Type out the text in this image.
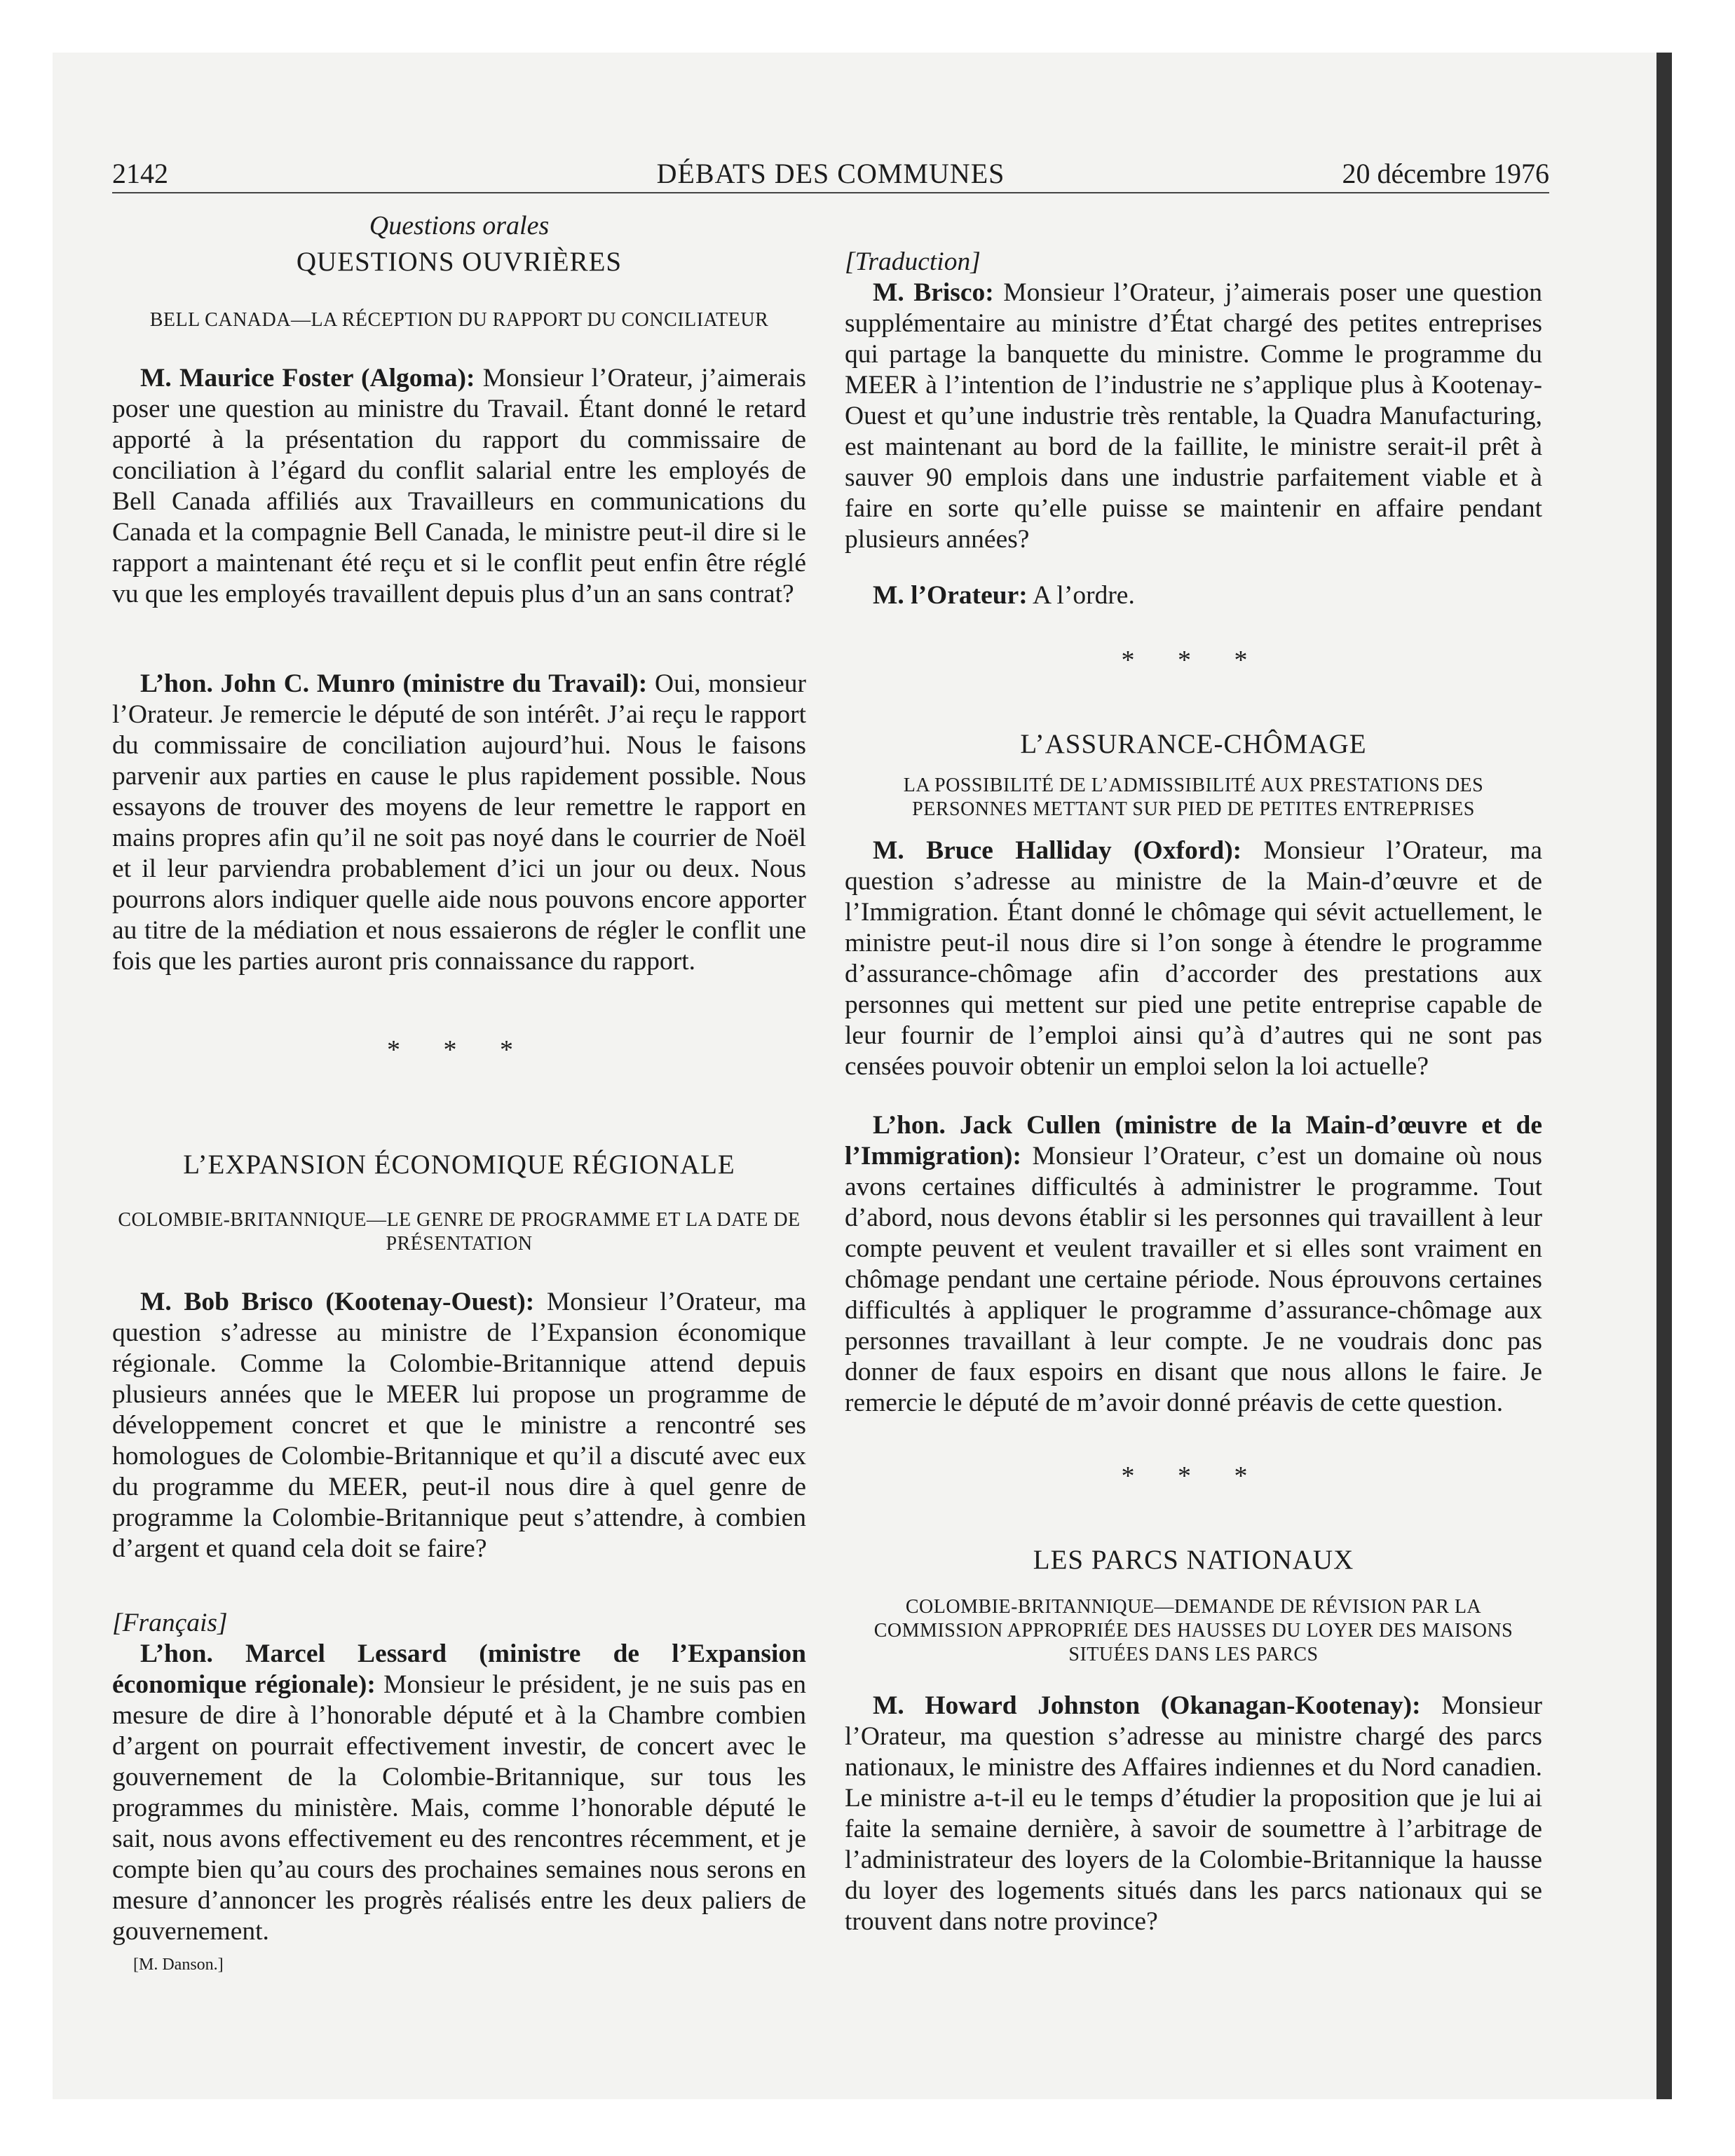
2142	DÉBATS DES COMMUNES	20 décembre 1976
Questions orales
QUESTIONS OUVRIÈRES
BELL CANADA—LA RÉCEPTION DU RAPPORT DU CONCILIATEUR

M. Maurice Foster (Algoma): Monsieur l’Orateur, j’aimerais poser une question au ministre du Travail. Étant donné le retard apporté à la présentation du rapport du commissaire de conciliation à l’égard du conflit salarial entre les employés de Bell Canada affiliés aux Travailleurs en communications du Canada et la compagnie Bell Canada, le ministre peut-il dire si le rapport a maintenant été reçu et si le conflit peut enfin être réglé vu que les employés travaillent depuis plus d’un an sans contrat?

L’hon. John C. Munro (ministre du Travail): Oui, monsieur l’Orateur. Je remercie le député de son intérêt. J’ai reçu le rapport du commissaire de conciliation aujourd’hui. Nous le faisons parvenir aux parties en cause le plus rapidement possible. Nous essayons de trouver des moyens de leur remettre le rapport en mains propres afin qu’il ne soit pas noyé dans le courrier de Noël et il leur parviendra probablement d’ici un jour ou deux. Nous pourrons alors indiquer quelle aide nous pouvons encore apporter au titre de la médiation et nous essaierons de régler le conflit une fois que les parties auront pris connaissance du rapport.

* * *
L’EXPANSION ÉCONOMIQUE RÉGIONALE
COLOMBIE-BRITANNIQUE—LE GENRE DE PROGRAMME ET LA DATE DE PRÉSENTATION

M. Bob Brisco (Kootenay-Ouest): Monsieur l’Orateur, ma question s’adresse au ministre de l’Expansion économique régionale. Comme la Colombie-Britannique attend depuis plusieurs années que le MEER lui propose un programme de développement concret et que le ministre a rencontré ses homologues de Colombie-Britannique et qu’il a discuté avec eux du programme du MEER, peut-il nous dire à quel genre de programme la Colombie-Britannique peut s’attendre, à combien d’argent et quand cela doit se faire?

[Français]

L’hon. Marcel Lessard (ministre de l’Expansion économique régionale): Monsieur le président, je ne suis pas en mesure de dire à l’honorable député et à la Chambre combien d’argent on pourrait effectivement investir, de concert avec le gouvernement de la Colombie-Britannique, sur tous les programmes du ministère. Mais, comme l’honorable député le sait, nous avons effectivement eu des rencontres récemment, et je compte bien qu’au cours des prochaines semaines nous serons en mesure d’annoncer les progrès réalisés entre les deux paliers de gouvernement.

[M. Danson.]

[Traduction]

M. Brisco: Monsieur l’Orateur, j’aimerais poser une question supplémentaire au ministre d’État chargé des petites entreprises qui partage la banquette du ministre. Comme le programme du MEER à l’intention de l’industrie ne s’applique plus à Kootenay-Ouest et qu’une industrie très rentable, la Quadra Manufacturing, est maintenant au bord de la faillite, le ministre serait-il prêt à sauver 90 emplois dans une industrie parfaitement viable et à faire en sorte qu’elle puisse se maintenir en affaire pendant plusieurs années?

M. l’Orateur: A l’ordre.

* * *
L’ASSURANCE-CHÔMAGE
LA POSSIBILITÉ DE L’ADMISSIBILITÉ AUX PRESTATIONS DES PERSONNES METTANT SUR PIED DE PETITES ENTREPRISES

M. Bruce Halliday (Oxford): Monsieur l’Orateur, ma question s’adresse au ministre de la Main-d’œuvre et de l’Immigration. Étant donné le chômage qui sévit actuellement, le ministre peut-il nous dire si l’on songe à étendre le programme d’assurance-chômage afin d’accorder des prestations aux personnes qui mettent sur pied une petite entreprise capable de leur fournir de l’emploi ainsi qu’à d’autres qui ne sont pas censées pouvoir obtenir un emploi selon la loi actuelle?

L’hon. Jack Cullen (ministre de la Main-d’œuvre et de l’Immigration): Monsieur l’Orateur, c’est un domaine où nous avons certaines difficultés à administrer le programme. Tout d’abord, nous devons établir si les personnes qui travaillent à leur compte peuvent et veulent travailler et si elles sont vraiment en chômage pendant une certaine période. Nous éprouvons certaines difficultés à appliquer le programme d’assurance-chômage aux personnes travaillant à leur compte. Je ne voudrais donc pas donner de faux espoirs en disant que nous allons le faire. Je remercie le député de m’avoir donné préavis de cette question.

* * *
LES PARCS NATIONAUX
COLOMBIE-BRITANNIQUE—DEMANDE DE RÉVISION PAR LA COMMISSION APPROPRIÉE DES HAUSSES DU LOYER DES MAISONS SITUÉES DANS LES PARCS

M. Howard Johnston (Okanagan-Kootenay): Monsieur l’Orateur, ma question s’adresse au ministre chargé des parcs nationaux, le ministre des Affaires indiennes et du Nord canadien. Le ministre a-t-il eu le temps d’étudier la proposition que je lui ai faite la semaine dernière, à savoir de soumettre à l’arbitrage de l’administrateur des loyers de la Colombie-Britannique la hausse du loyer des logements situés dans les parcs nationaux qui se trouvent dans notre province?
